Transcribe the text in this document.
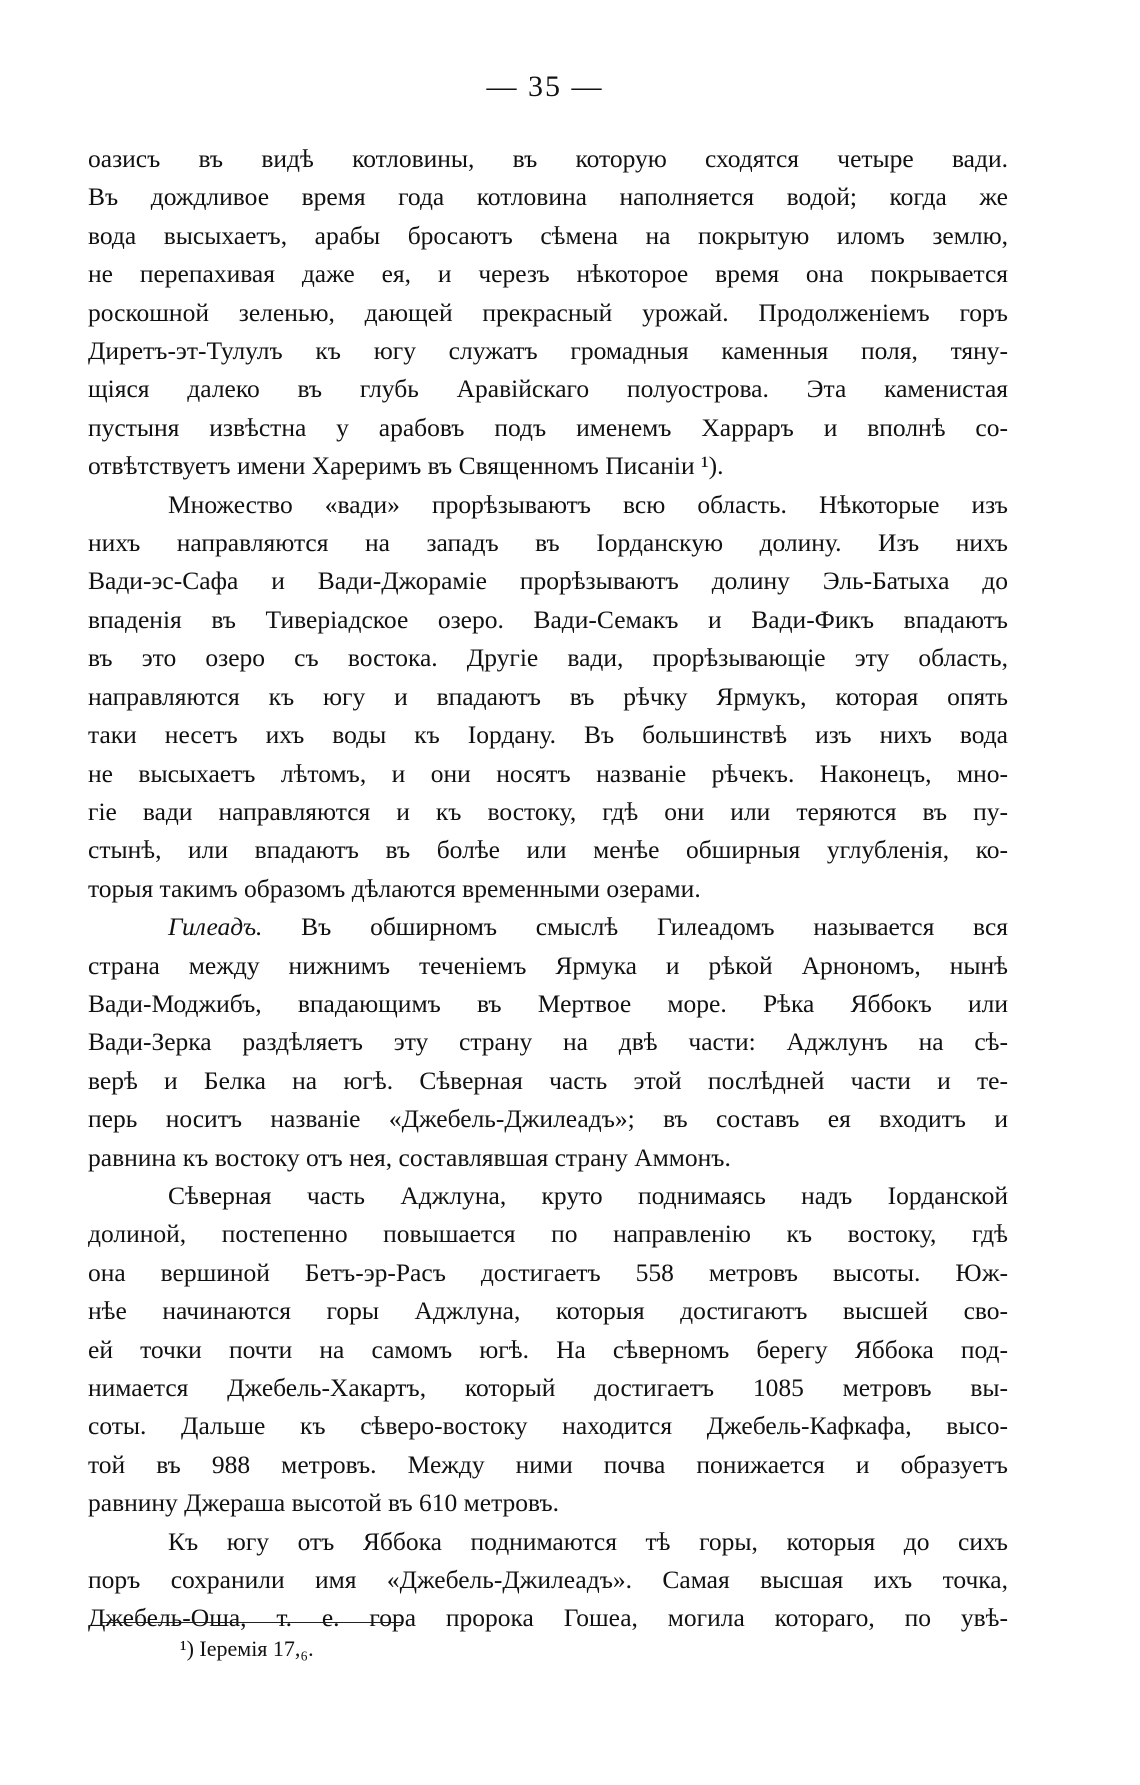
— 35 —
оазисъ въ видѣ котловины, въ которую сходятся четыре вади.
Въ дождливое время года котловина наполняется водой; когда же
вода высыхаетъ, арабы бросаютъ сѣмена на покрытую иломъ землю,
не перепахивая даже ея, и черезъ нѣкоторое время она покрывается
роскошной зеленью, дающей прекрасный урожай. Продолженіемъ горъ
Диретъ-эт-Тулулъ къ югу служатъ громадныя каменныя поля, тяну-
щіяся далеко въ глубь Аравійскаго полуострова. Эта каменистая
пустыня извѣстна у арабовъ подъ именемъ Харраръ и вполнѣ со-
отвѣтствуетъ имени Хареримъ въ Священномъ Писаніи ¹).
Множество «вади» прорѣзываютъ всю область. Нѣкоторые изъ
нихъ направляются на западъ въ Іорданскую долину. Изъ нихъ
Вади-эс-Сафа и Вади-Джораміе прорѣзываютъ долину Эль-Батыха до
впаденія въ Тиверіадское озеро. Вади-Семакъ и Вади-Фикъ впадаютъ
въ это озеро съ востока. Другіе вади, прорѣзывающіе эту область,
направляются къ югу и впадаютъ въ рѣчку Ярмукъ, которая опять
таки несетъ ихъ воды къ Іордану. Въ большинствѣ изъ нихъ вода
не высыхаетъ лѣтомъ, и они носятъ названіе рѣчекъ. Наконецъ, мно-
гіе вади направляются и къ востоку, гдѣ они или теряются въ пу-
стынѣ, или впадаютъ въ болѣе или менѣе обширныя углубленія, ко-
торыя такимъ образомъ дѣлаются временными озерами.
Гилеадъ. Въ обширномъ смыслѣ Гилеадомъ называется вся
страна между нижнимъ теченіемъ Ярмука и рѣкой Арнономъ, нынѣ
Вади-Моджибъ, впадающимъ въ Мертвое море. Рѣка Яббокъ или
Вади-Зерка раздѣляетъ эту страну на двѣ части: Аджлунъ на сѣ-
верѣ и Белка на югѣ. Сѣверная часть этой послѣдней части и те-
перь носитъ названіе «Джебель-Джилеадъ»; въ составъ ея входитъ и
равнина къ востоку отъ нея, составлявшая страну Аммонъ.
Сѣверная часть Аджлуна, круто поднимаясь надъ Іорданской
долиной, постепенно повышается по направленію къ востоку, гдѣ
она вершиной Бетъ-эр-Расъ достигаетъ 558 метровъ высоты. Юж-
нѣе начинаются горы Аджлуна, которыя достигаютъ высшей сво-
ей точки почти на самомъ югѣ. На сѣверномъ берегу Яббока под-
нимается Джебель-Хакартъ, который достигаетъ 1085 метровъ вы-
соты. Дальше къ сѣверо-востоку находится Джебель-Кафкафа, высо-
той въ 988 метровъ. Между ними почва понижается и образуетъ
равнину Джераша высотой въ 610 метровъ.
Къ югу отъ Яббока поднимаются тѣ горы, которыя до сихъ
поръ сохранили имя «Джебель-Джилеадъ». Самая высшая ихъ точка,
Джебель-Оша, т. е. гора пророка Гошеа, могила котораго, по увѣ-
¹) Іеремія 17,₆.
